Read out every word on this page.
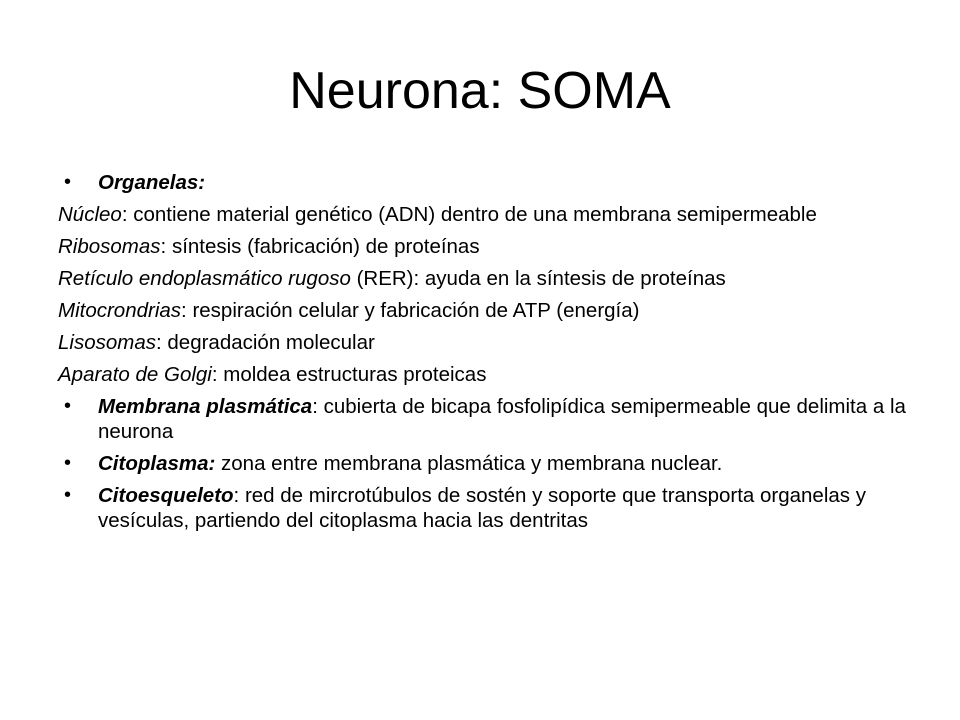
Neurona: SOMA

•	Organelas:

Núcleo: contiene material genético (ADN) dentro de una membrana semipermeable

Ribosomas: síntesis (fabricación) de proteínas

Retículo endoplasmático rugoso (RER): ayuda en la síntesis de proteínas

Mitocrondrias: respiración celular y fabricación de ATP (energía)

Lisosomas: degradación molecular

Aparato de Golgi: moldea estructuras proteicas

•	Membrana plasmática: cubierta de bicapa fosfolipídica semipermeable que delimita a la neurona

•	Citoplasma: zona entre membrana plasmática y membrana nuclear.

•	Citoesqueleto: red de mircrotúbulos de sostén y soporte que transporta organelas y vesículas, partiendo del citoplasma hacia las dentritas
